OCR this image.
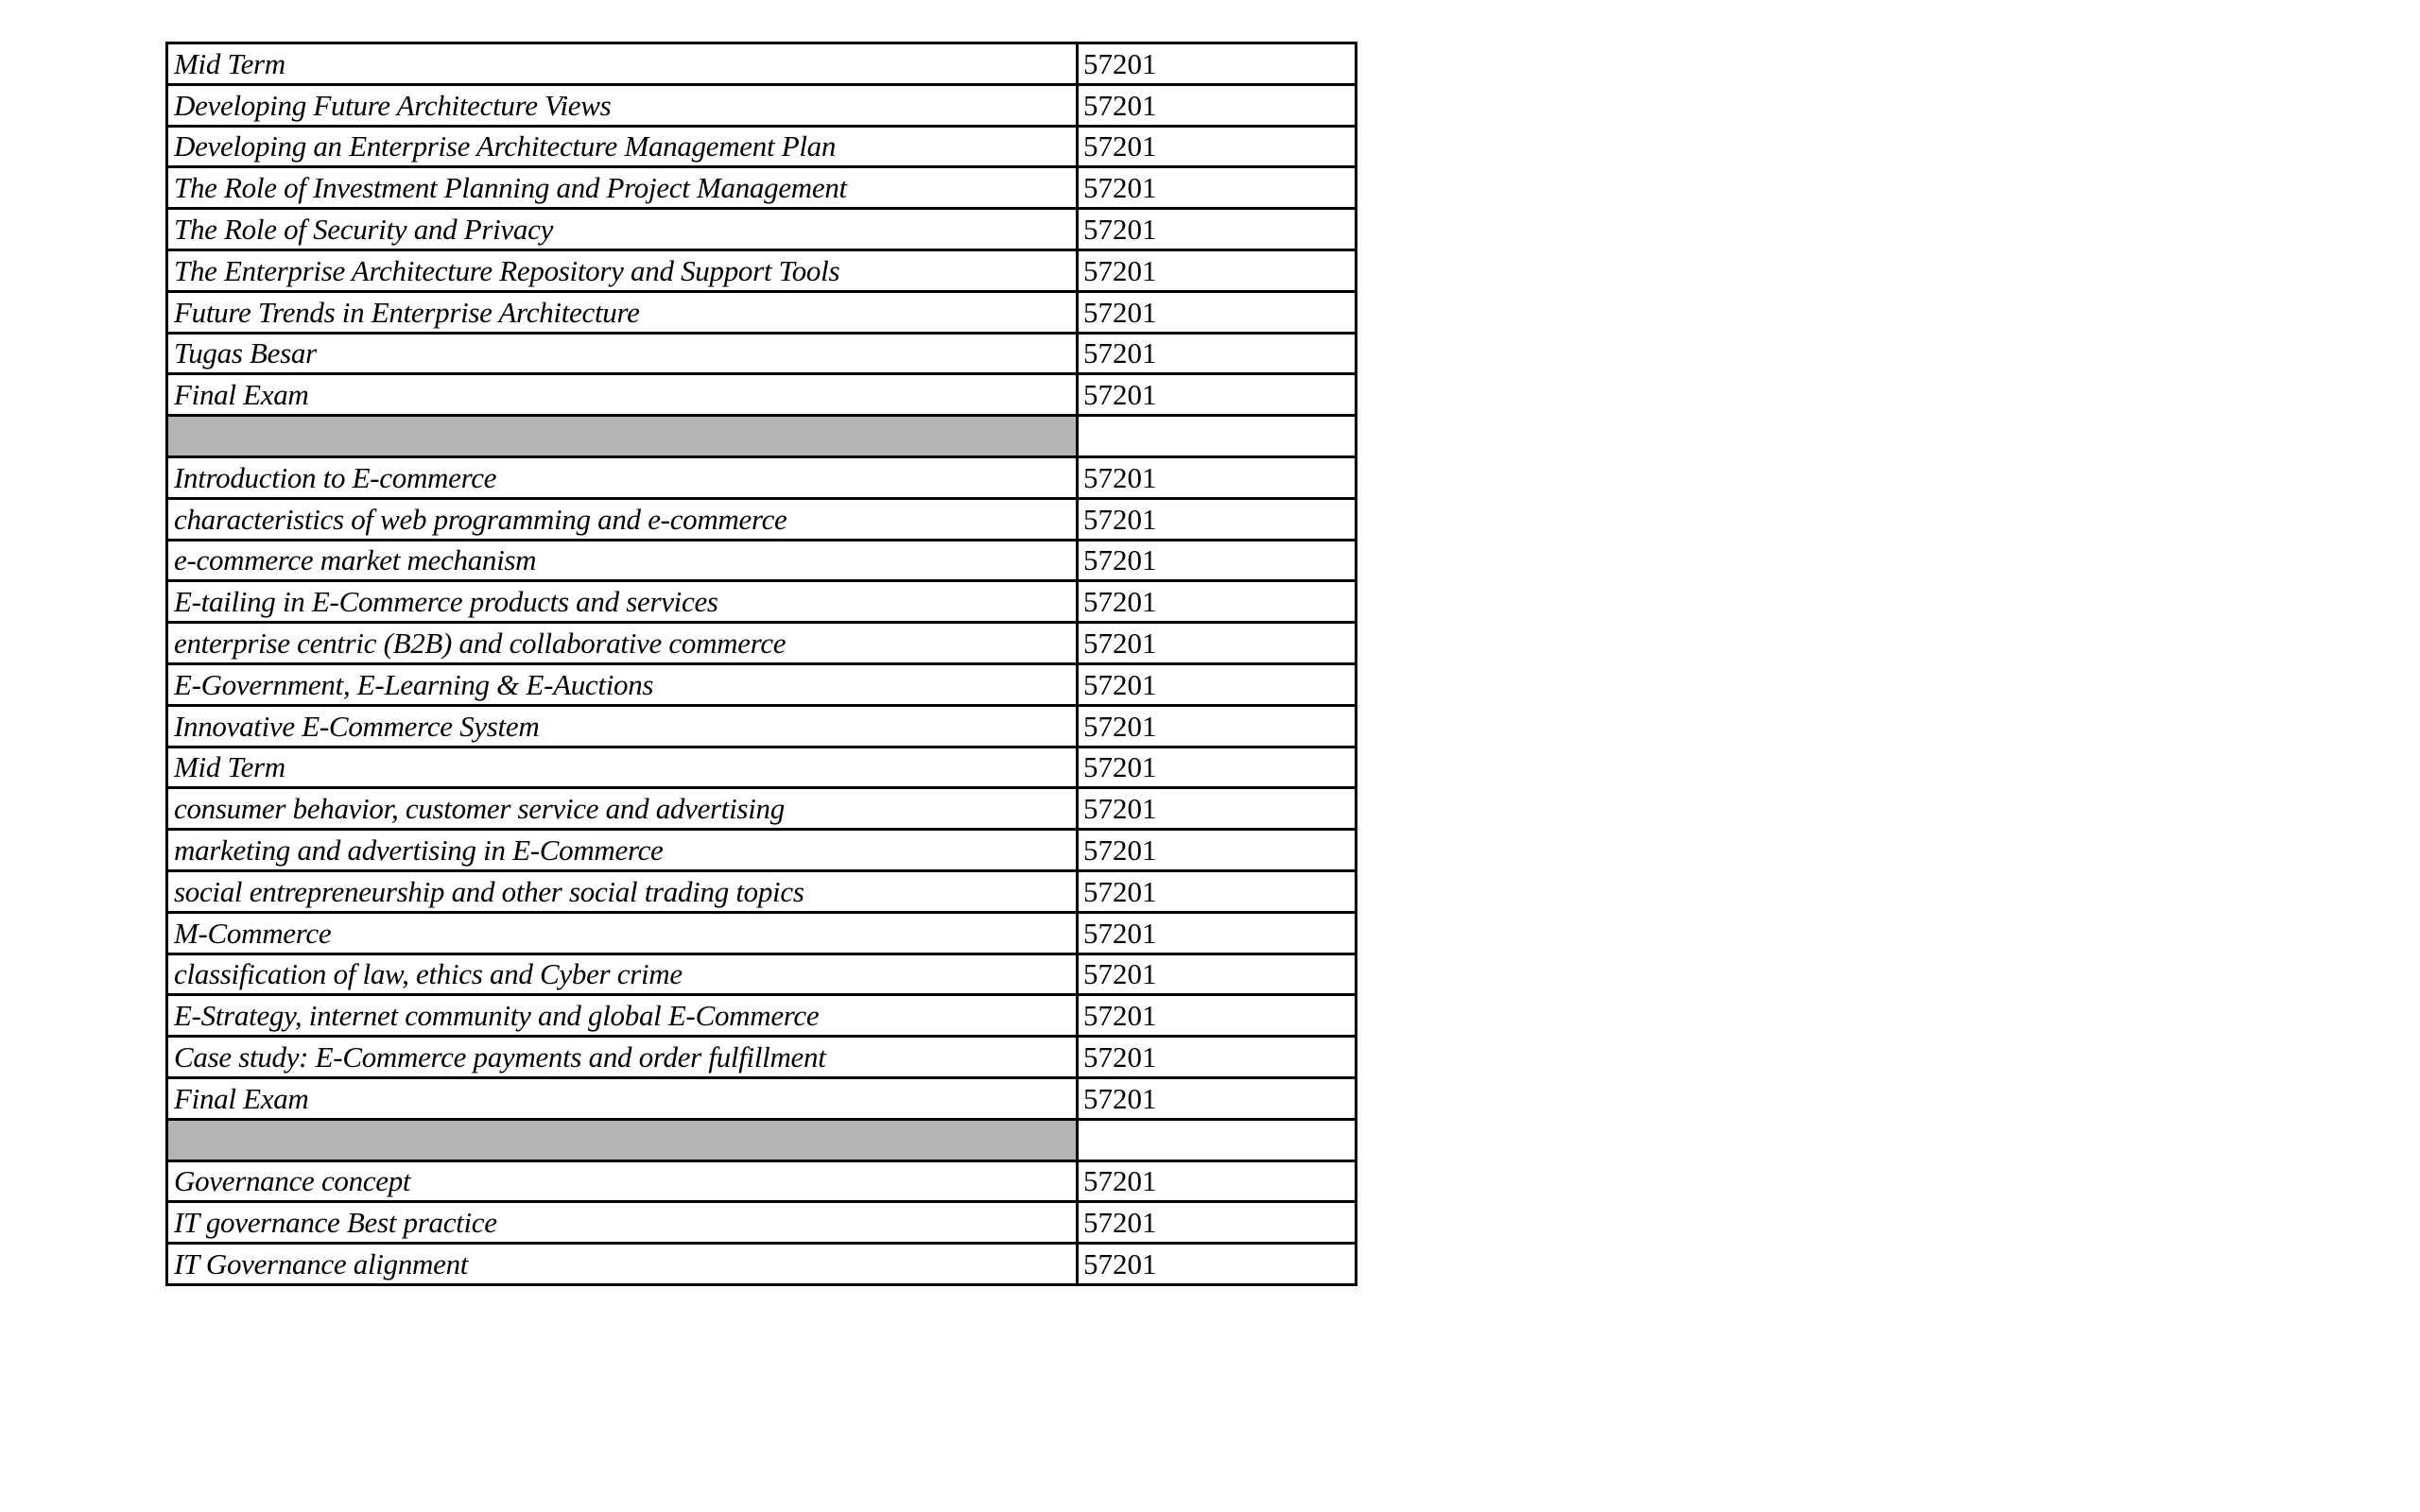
Mid Term	57201
Developing Future Architecture Views	57201
Developing an Enterprise Architecture Management Plan	57201
The Role of Investment Planning and Project Management	57201
The Role of Security and Privacy	57201
The Enterprise Architecture Repository and Support Tools	57201
Future Trends in Enterprise Architecture	57201
Tugas Besar	57201
Final Exam	57201

Introduction to E-commerce	57201
characteristics of web programming and e-commerce	57201
e-commerce market mechanism	57201
E-tailing in E-Commerce products and services	57201
enterprise centric (B2B) and collaborative commerce	57201
E-Government, E-Learning & E-Auctions	57201
Innovative E-Commerce System	57201
Mid Term	57201
consumer behavior, customer service and advertising	57201
marketing and advertising in E-Commerce	57201
social entrepreneurship and other social trading topics	57201
M-Commerce	57201
classification of law, ethics and Cyber crime	57201
E-Strategy, internet community and global E-Commerce	57201
Case study: E-Commerce payments and order fulfillment	57201
Final Exam	57201

Governance concept	57201
IT governance Best practice	57201
IT Governance alignment	57201
